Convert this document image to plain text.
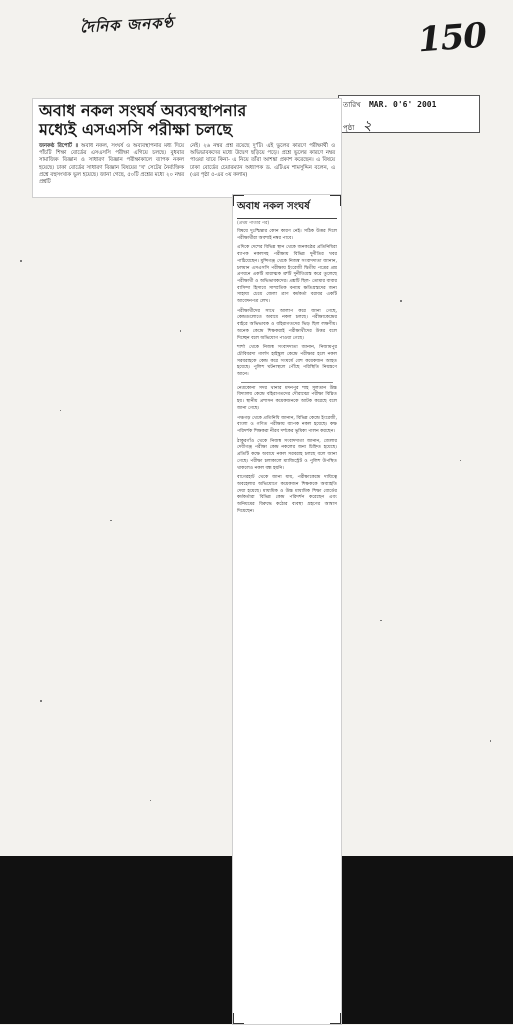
দৈনিক জনকণ্ঠ	150
তারিখ MAR. 0'6' 2001
পৃষ্ঠা ২
অবাধ নকল সংঘর্ষ অব্যবস্থাপনার
মধ্যেই এসএসসি পরীক্ষা চলছে
জনকণ্ঠ রিপোর্ট ॥ অবাধ নকল, সংঘর্ষ ও অব্যবস্থাপনার মধ্য দিয়ে পাঁচটি শিক্ষা বোর্ডের এসএসসি পরীক্ষা এগিয়ে চলছে। বুধবার সামাজিক বিজ্ঞান ও সাধারণ বিজ্ঞান পরীক্ষাকালে ব্যাপক নকল হয়েছে। ঢাকা বোর্ডের সাধারণ বিজ্ঞান বিষয়ের 'খ' সেটের নৈর্ব্যক্তিক প্রশ্নে বহুসংখ্যক ভুল হয়েছে। জানা গেছে, ৫০টি প্রশ্নের মধ্যে ২০ নম্বর প্রশ্নটি
নেই। ২৬ নম্বর প্রশ্ন রয়েছে দু'টি। এই ভুলের কারণে পরীক্ষার্থী ও অভিভাবকদের মধ্যে উদ্বেগ ছড়িয়ে পড়ে। প্রশ্নে ভুলের কারণে নম্বর পাওয়া যাবে কিনা- এ নিয়ে তাঁরা আশঙ্কা প্রকাশ করেছেন। এ বিষয়ে ঢাকা বোর্ডের চেয়ারম্যান অধ্যাপক ড. এটিএম শামসুদ্দিন বলেন, এ (এর পৃষ্ঠা ৫-এর ৩য় কলাম)
অবাধ নকল সংঘর্ষ
(প্রথম পাতার পর)

বিষয়ে দুঃশ্চিন্তার কোন কারণ নেই। সঠিক উত্তর দিলে পরীক্ষার্থীরা অবশ্যই নম্বর পাবে।

এদিকে দেশের বিভিন্ন স্থান থেকে জনকণ্ঠের প্রতিনিধিরা ব্যাপক নকলসহ পরীক্ষায় বিভিন্ন দুর্নীতির খবর পাঠিয়েছেন। মুন্সিগঞ্জ থেকে নিজস্ব সংবাদদাতা জানান, চলমান এসএসসি পরীক্ষায় ইংরেজী দ্বিতীয় পত্রের প্রশ্ন প্রণয়নে একটি মারাত্মক ত্রুটি দুর্নীতিগ্রস্ত করে তুলেছে পরীক্ষার্থী ও অভিভাবকদের। প্রশ্নটি ছিল- তোমার বাবার বাসিন্দা হিসাবে সাম্প্রতিক বন্যায় ক্ষতিগ্রস্তদের জন্য সাহায্য চেয়ে জেলা ত্রাণ কর্মকর্তা বরাবর একটি আবেদনপত্র লেখ।

পরীক্ষার্থীদের সাথে আলাপ করে জানা গেছে, কেন্দ্রগুলোতে অবাধে নকল চলছে। পরীক্ষাকেন্দ্রের বাইরে অভিভাবক ও বহিরাগতদের ভিড় ছিল লক্ষণীয়। অনেক কেন্দ্রে শিক্ষকরাই পরীক্ষার্থীদের উত্তর বলে দিচ্ছেন বলে অভিযোগ পাওয়া গেছে।

শার্শা থেকে নিজস্ব সংবাদদাতা জানান, নিজামপুর চৌবিবরদা গার্লস হাইস্কুল কেন্দ্রে পরীক্ষার হলে নকল সরবরাহকে কেন্দ্র করে সংঘর্ষে বেশ কয়েকজন আহত হয়েছে। পুলিশ ঘটনাস্থলে পৌঁছে পরিস্থিতি নিয়ন্ত্রণে আনে।

নেত্রকোনা সদর থানার মদনপুর শাহ সুলতান উচ্চ বিদ্যালয় কেন্দ্রে বহিরাগতদের দৌরাত্ম্যে পরীক্ষা বিঘ্নিত হয়। স্থানীয় প্রশাসন কয়েকজনকে আটক করেছে বলে জানা গেছে।

পঞ্চগড় থেকে প্রতিনিধি জানান, বিভিন্ন কেন্দ্রে ইংরেজী, বাংলা ও গণিত পরীক্ষায় ব্যাপক নকল হয়েছে। কক্ষ পরিদর্শক শিক্ষকরা নীরব দর্শকের ভূমিকা পালন করছেন।

ঠাকুরগাঁও থেকে নিজস্ব সংবাদদাতা জানান, জেলার দেবীগঞ্জ পরীক্ষা কেন্দ্র নকলের জন্য চিহ্নিত হয়েছে। প্রতিটি কক্ষে অবাধে নকল সরবরাহ চলছে বলে জানা গেছে। পরীক্ষা চলাকালে ম্যাজিস্ট্রেট ও পুলিশ উপস্থিত থাকলেও নকল বন্ধ হয়নি।

বাগেরহাট থেকে জানা যায়, পরীক্ষাকেন্দ্রে দায়িত্বে অবহেলার অভিযোগে কয়েকজন শিক্ষককে অব্যাহতি দেয়া হয়েছে। মাধ্যমিক ও উচ্চ মাধ্যমিক শিক্ষা বোর্ডের কর্মকর্তারা বিভিন্ন কেন্দ্র পরিদর্শন করেছেন এবং অনিয়মের বিরুদ্ধে কঠোর ব্যবস্থা গ্রহণের আশ্বাস দিয়েছেন।
